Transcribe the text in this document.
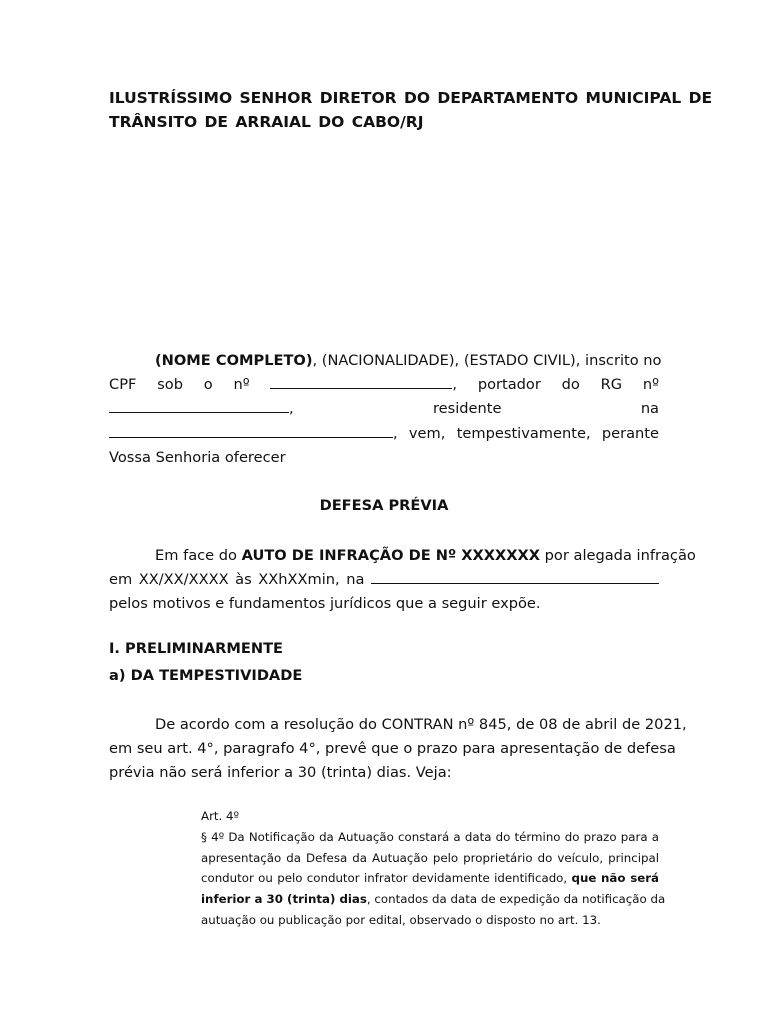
ILUSTRÍSSIMO SENHOR DIRETOR DO DEPARTAMENTO MUNICIPAL DE
TRÂNSITO DE ARRAIAL DO CABO/RJ
(NOME COMPLETO), (NACIONALIDADE), (ESTADO CIVIL), inscrito no
CPF sob o nº	, portador do RG nº
,	residente	na
, vem, tempestivamente, perante
Vossa Senhoria oferecer
DEFESA PRÉVIA
Em face do AUTO DE INFRAÇÃO DE Nº XXXXXXX por alegada infração
em XX/XX/XXXX às XXhXXmin, na
pelos motivos e fundamentos jurídicos que a seguir expõe.
I. PRELIMINARMENTE
a) DA TEMPESTIVIDADE
De acordo com a resolução do CONTRAN nº 845, de 08 de abril de 2021,
em seu art. 4°, paragrafo 4°, prevê que o prazo para apresentação de defesa
prévia não será inferior a 30 (trinta) dias. Veja:
Art. 4º
§ 4º Da Notificação da Autuação constará a data do término do prazo para a
apresentação da Defesa da Autuação pelo proprietário do veículo, principal
condutor ou pelo condutor infrator devidamente identificado, que não será
inferior a 30 (trinta) dias, contados da data de expedição da notificação da
autuação ou publicação por edital, observado o disposto no art. 13.
